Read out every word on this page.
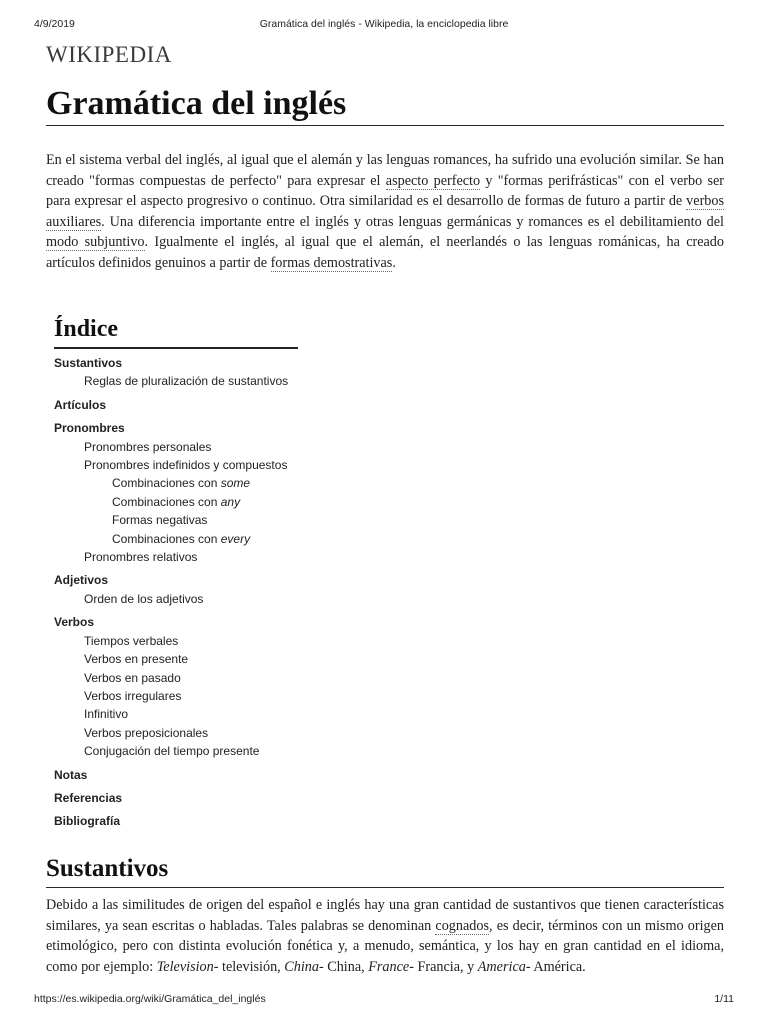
4/9/2019	Gramática del inglés - Wikipedia, la enciclopedia libre
WIKIPEDIA
Gramática del inglés

En el sistema verbal del inglés, al igual que el alemán y las lenguas romances, ha sufrido una evolución similar. Se han creado "formas compuestas de perfecto" para expresar el aspecto perfecto y "formas perifrásticas" con el verbo ser para expresar el aspecto progresivo o continuo. Otra similaridad es el desarrollo de formas de futuro a partir de verbos auxiliares. Una diferencia importante entre el inglés y otras lenguas germánicas y romances es el debilitamiento del modo subjuntivo. Igualmente el inglés, al igual que el alemán, el neerlandés o las lenguas románicas, ha creado artículos definidos genuinos a partir de formas demostrativas.

Índice
Sustantivos
Reglas de pluralización de sustantivos
Artículos
Pronombres
Pronombres personales
Pronombres indefinidos y compuestos
Combinaciones con some
Combinaciones con any
Formas negativas
Combinaciones con every
Pronombres relativos
Adjetivos
Orden de los adjetivos
Verbos
Tiempos verbales
Verbos en presente
Verbos en pasado
Verbos irregulares
Infinitivo
Verbos preposicionales
Conjugación del tiempo presente
Notas
Referencias
Bibliografía
Sustantivos

Debido a las similitudes de origen del español e inglés hay una gran cantidad de sustantivos que tienen características similares, ya sean escritas o habladas. Tales palabras se denominan cognados, es decir, términos con un mismo origen etimológico, pero con distinta evolución fonética y, a menudo, semántica, y los hay en gran cantidad en el idioma, como por ejemplo: Television- televisión, China- China, France- Francia, y America- América.

https://es.wikipedia.org/wiki/Gramática_del_inglés	1/11
